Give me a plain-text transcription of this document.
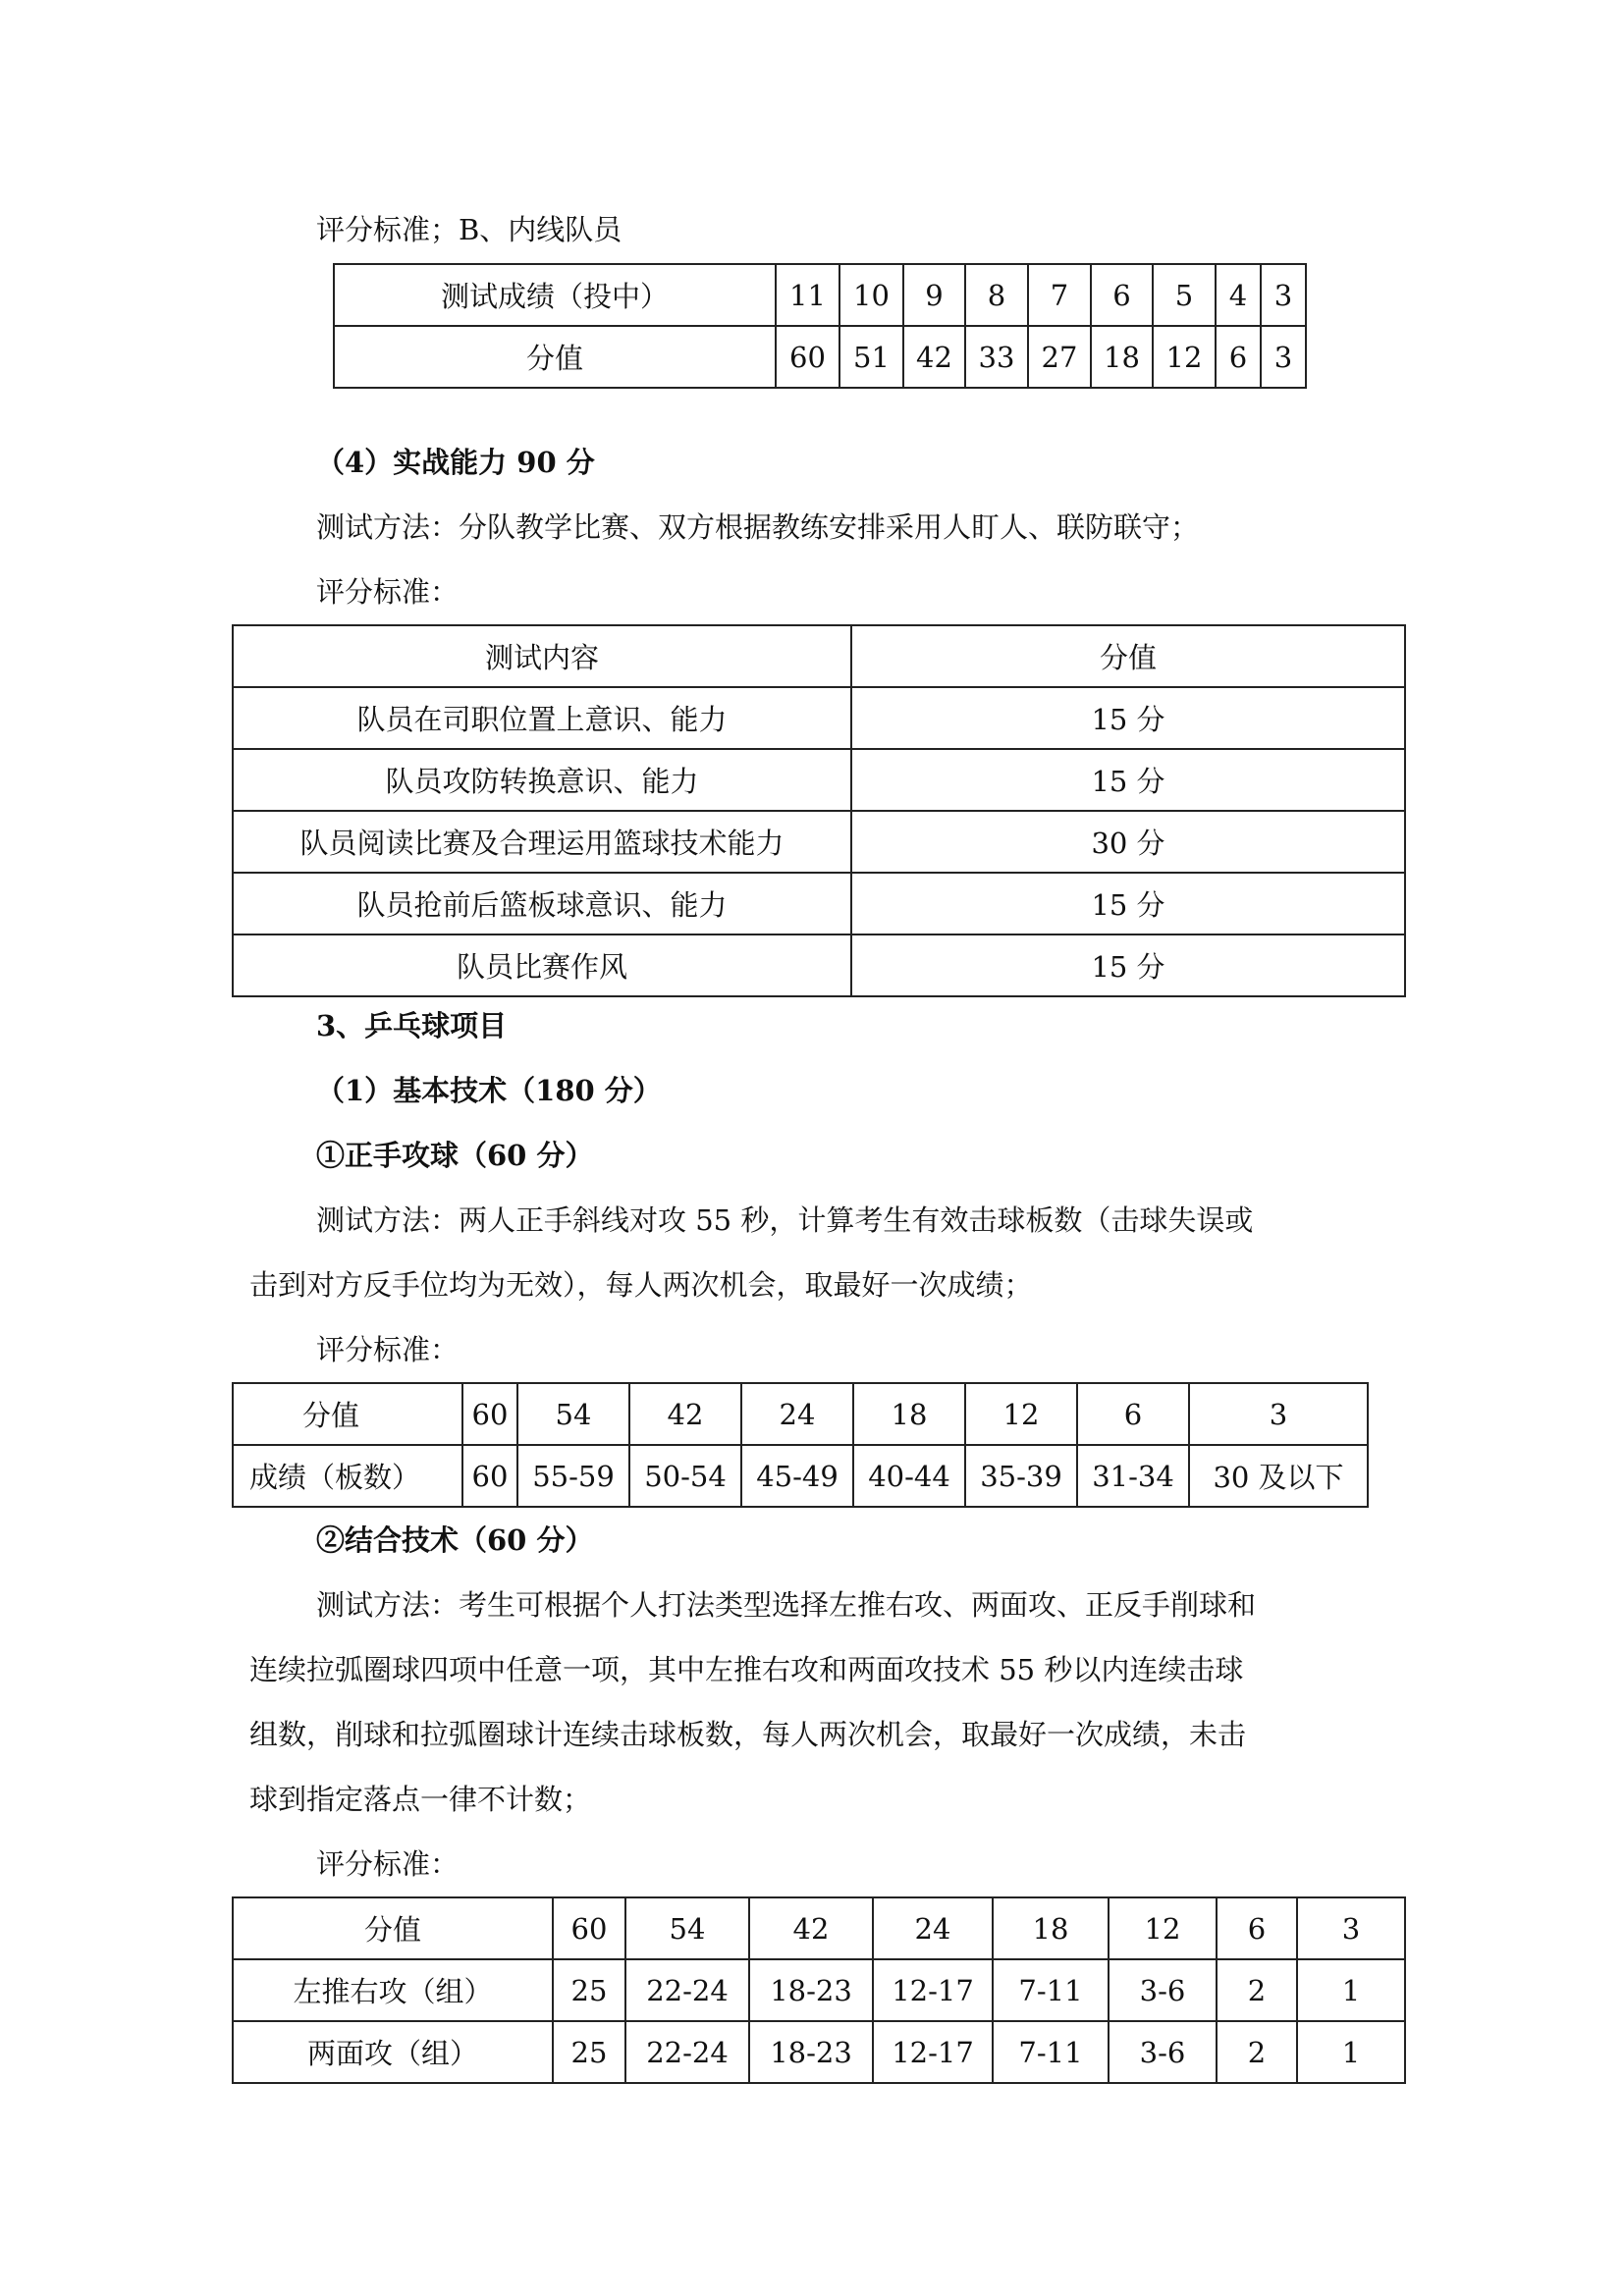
评分标准；B、内线队员
测试成绩（投中）	11	10	9	8	7	6	5	4	3
分值	60	51	42	33	27	18	12	6	3
（4）实战能力 90 分
测试方法：分队教学比赛、双方根据教练安排采用人盯人、联防联守；
评分标准：
测试内容	分值
队员在司职位置上意识、能力	15 分
队员攻防转换意识、能力	15 分
队员阅读比赛及合理运用篮球技术能力	30 分
队员抢前后篮板球意识、能力	15 分
队员比赛作风	15 分
3、乒乓球项目
（1）基本技术（180 分）
①正手攻球（60 分）
测试方法：两人正手斜线对攻 55 秒，计算考生有效击球板数（击球失误或
击到对方反手位均为无效），每人两次机会，取最好一次成绩；
评分标准：
分值	60	54	42	24	18	12	6	3
成绩（板数）	60	55-59	50-54	45-49	40-44	35-39	31-34	30 及以下
②结合技术（60 分）
测试方法：考生可根据个人打法类型选择左推右攻、两面攻、正反手削球和
连续拉弧圈球四项中任意一项，其中左推右攻和两面攻技术 55 秒以内连续击球
组数，削球和拉弧圈球计连续击球板数，每人两次机会，取最好一次成绩，未击
球到指定落点一律不计数；
评分标准：
分值	60	54	42	24	18	12	6	3
左推右攻（组）	25	22-24	18-23	12-17	7-11	3-6	2	1
两面攻（组）	25	22-24	18-23	12-17	7-11	3-6	2	1
